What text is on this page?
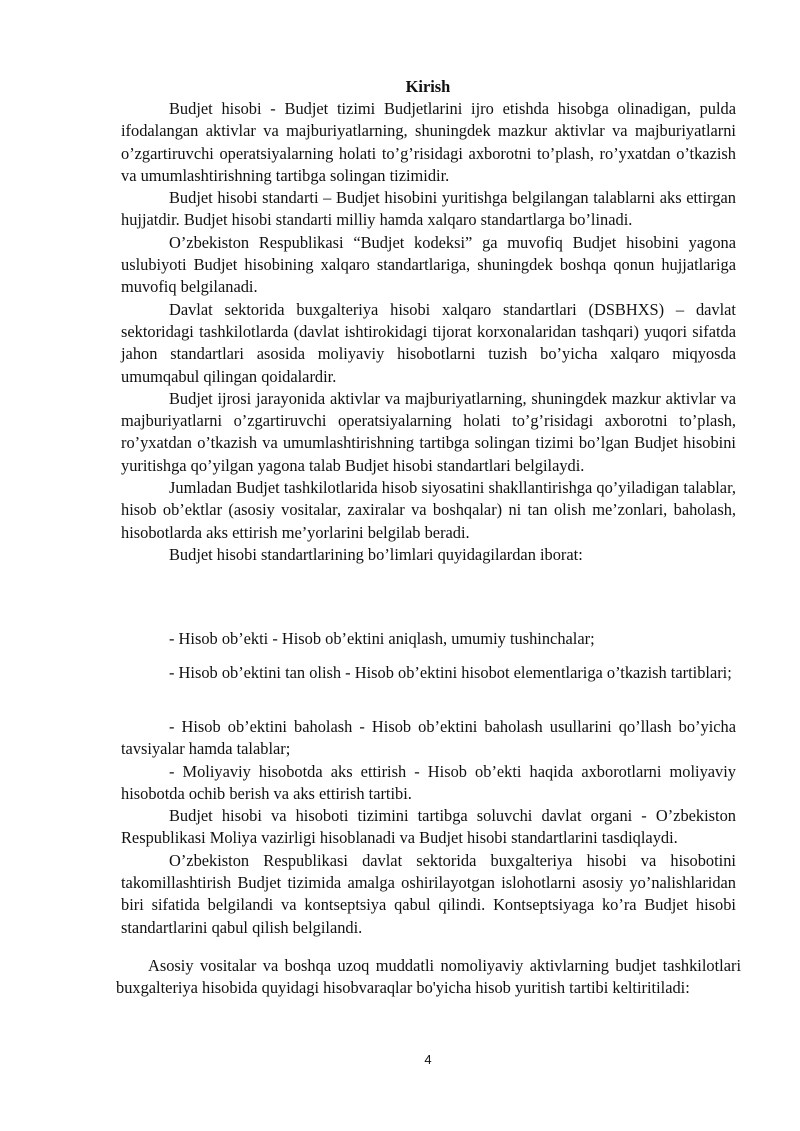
Kirish

Budjet hisobi - Budjet tizimi Budjetlarini ijro etishda hisobga olinadigan, pulda ifodalangan aktivlar va majburiyatlarning, shuningdek mazkur aktivlar va majburiyatlarni o’zgartiruvchi operatsiyalarning holati to’g’risidagi axborotni to’plash, ro’yxatdan o’tkazish va umumlashtirishning tartibga solingan tizimidir.

Budjet hisobi standarti – Budjet hisobini yuritishga belgilangan talablarni aks ettirgan hujjatdir. Budjet hisobi standarti milliy hamda xalqaro standartlarga bo’linadi.

O’zbekiston Respublikasi “Budjet kodeksi” ga muvofiq Budjet hisobini yagona uslubiyoti Budjet hisobining xalqaro standartlariga, shuningdek boshqa qonun hujjatlariga muvofiq belgilanadi.

Davlat sektorida buxgalteriya hisobi xalqaro standartlari (DSBHXS) – davlat sektoridagi tashkilotlarda (davlat ishtirokidagi tijorat korxonalaridan tashqari) yuqori sifatda jahon standartlari asosida moliyaviy hisobotlarni tuzish bo’yicha xalqaro miqyosda umumqabul qilingan qoidalardir.

Budjet ijrosi jarayonida aktivlar va majburiyatlarning, shuningdek mazkur aktivlar va majburiyatlarni o’zgartiruvchi operatsiyalarning holati to’g’risidagi axborotni to’plash, ro’yxatdan o’tkazish va umumlashtirishning tartibga solingan tizimi bo’lgan Budjet hisobini yuritishga qo’yilgan yagona talab Budjet hisobi standartlari belgilaydi.

Jumladan Budjet tashkilotlarida hisob siyosatini shakllantirishga qo’yiladigan talablar, hisob ob’ektlar (asosiy vositalar, zaxiralar va boshqalar) ni tan olish me’zonlari, baholash, hisobotlarda aks ettirish me’yorlarini belgilab beradi.

Budjet hisobi standartlarining bo’limlari quyidagilardan iborat:

- Hisob ob’ekti - Hisob ob’ektini aniqlash, umumiy tushinchalar;

- Hisob ob’ektini tan olish - Hisob ob’ektini hisobot elementlariga o’tkazish tartiblari;

- Hisob ob’ektini baholash - Hisob ob’ektini baholash usullarini qo’llash bo’yicha tavsiyalar hamda talablar;

- Moliyaviy hisobotda aks ettirish - Hisob ob’ekti haqida axborotlarni moliyaviy hisobotda ochib berish va aks ettirish tartibi.

Budjet hisobi va hisoboti tizimini tartibga soluvchi davlat organi - O’zbekiston Respublikasi Moliya vazirligi hisoblanadi va Budjet hisobi standartlarini tasdiqlaydi.

O’zbekiston Respublikasi davlat sektorida buxgalteriya hisobi va hisobotini takomillashtirish Budjet tizimida amalga oshirilayotgan islohotlarni asosiy yo’nalishlaridan biri sifatida belgilandi va kontseptsiya qabul qilindi. Kontseptsiyaga ko’ra Budjet hisobi standartlarini qabul qilish belgilandi.

Asosiy vositalar va boshqa uzoq muddatli nomoliyaviy aktivlarning budjet tashkilotlari buxgalteriya hisobida quyidagi hisobvaraqlar bo'yicha hisob yuritish tartibi keltiritiladi:

4
